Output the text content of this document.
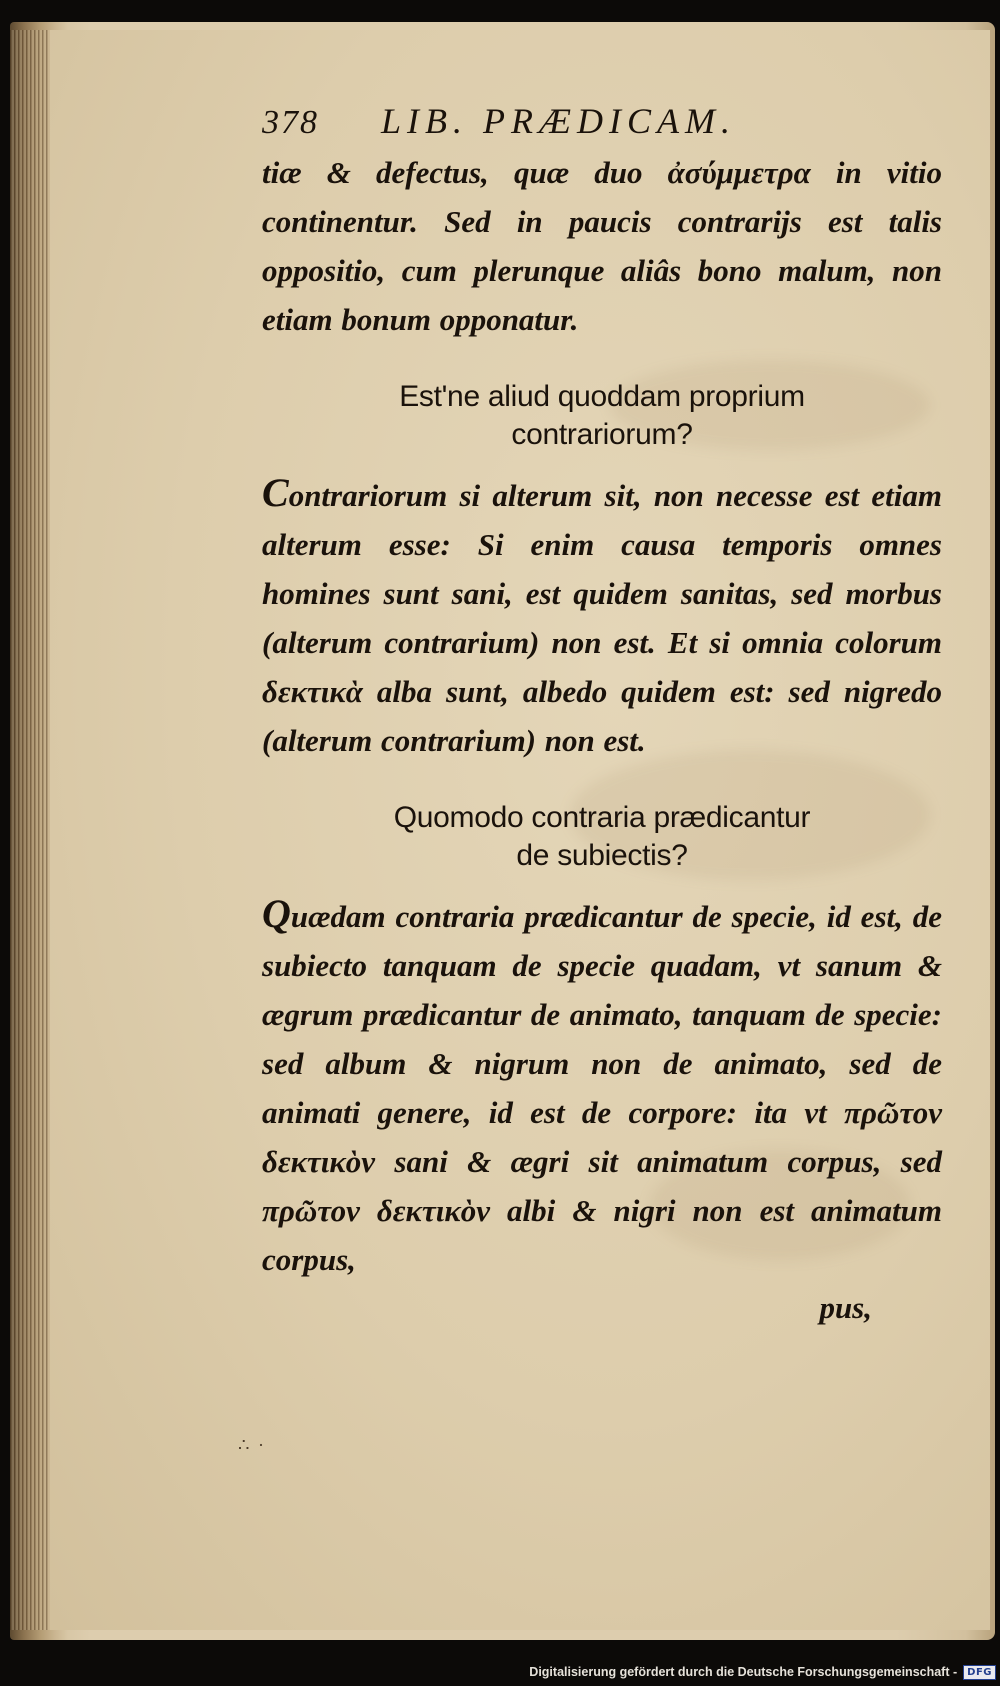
378 LIB. PRÆDICAM.

tiæ & defectus, quæ duo ἀσύμμετρα in vitio continentur. Sed in paucis contrarijs est talis oppositio, cum plerunque aliâs bono malum, non etiam bonum opponatur.

Est'ne aliud quoddam proprium
contrariorum?

Contrariorum si alterum sit, non necesse est etiam alterum esse: Si enim causa temporis omnes homines sunt sani, est quidem sanitas, sed morbus (alterum contrarium) non est. Et si omnia colorum δεκτικὰ alba sunt, albedo quidem est: sed nigredo (alterum contrarium) non est.

Quomodo contraria prædicantur
de subiectis?

Quædam contraria prædicantur de specie, id est, de subiecto tanquam de specie quadam, vt sanum & ægrum prædicantur de animato, tanquam de specie: sed album & nigrum non de animato, sed de animati genere, id est de corpore: ita vt πρῶτον δεκτικὸν sani & ægri sit animatum corpus, sed πρῶτον δεκτικὸν albi & nigri non est animatum corpus,

pus,
∴ ·
Digitalisierung gefördert durch die Deutsche Forschungsgemeinschaft -	DFG
